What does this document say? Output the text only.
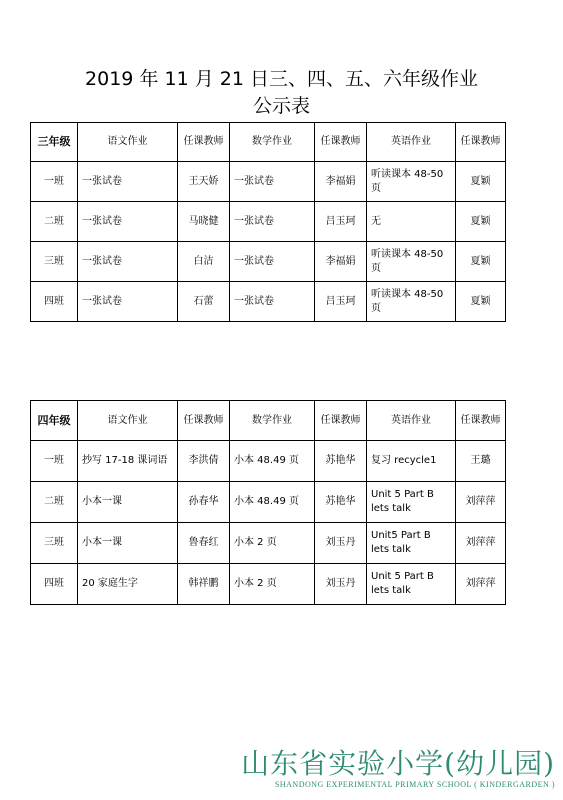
2019 年 11 月 21 日三、四、五、六年级作业
公示表
三年级	语文作业	任课教师	数学作业	任课教师	英语作业	任课教师
一班	一张试卷	王天娇	一张试卷	李福娟	听读课本 48-50 页	夏颖
二班	一张试卷	马晓健	一张试卷	吕玉珂	无	夏颖
三班	一张试卷	白洁	一张试卷	李福娟	听读课本 48-50 页	夏颖
四班	一张试卷	石蕾	一张试卷	吕玉珂	听读课本 48-50 页	夏颖
四年级	语文作业	任课教师	数学作业	任课教师	英语作业	任课教师
一班	抄写 17-18 课词语	李洪倩	小本 48.49 页	苏艳华	复习 recycle1	王璐
二班	小本一课	孙春华	小本 48.49 页	苏艳华	Unit 5 Part B lets talk	刘萍萍
三班	小本一课	鲁春红	小本 2 页	刘玉丹	Unit5 Part B lets talk	刘萍萍
四班	20 家庭生字	韩祥鹏	小本 2 页	刘玉丹	Unit 5 Part B lets talk	刘萍萍
山东省实验小学(幼儿园)
SHANDONG EXPERIMENTAL PRIMARY SCHOOL ( KINDERGARDEN )
